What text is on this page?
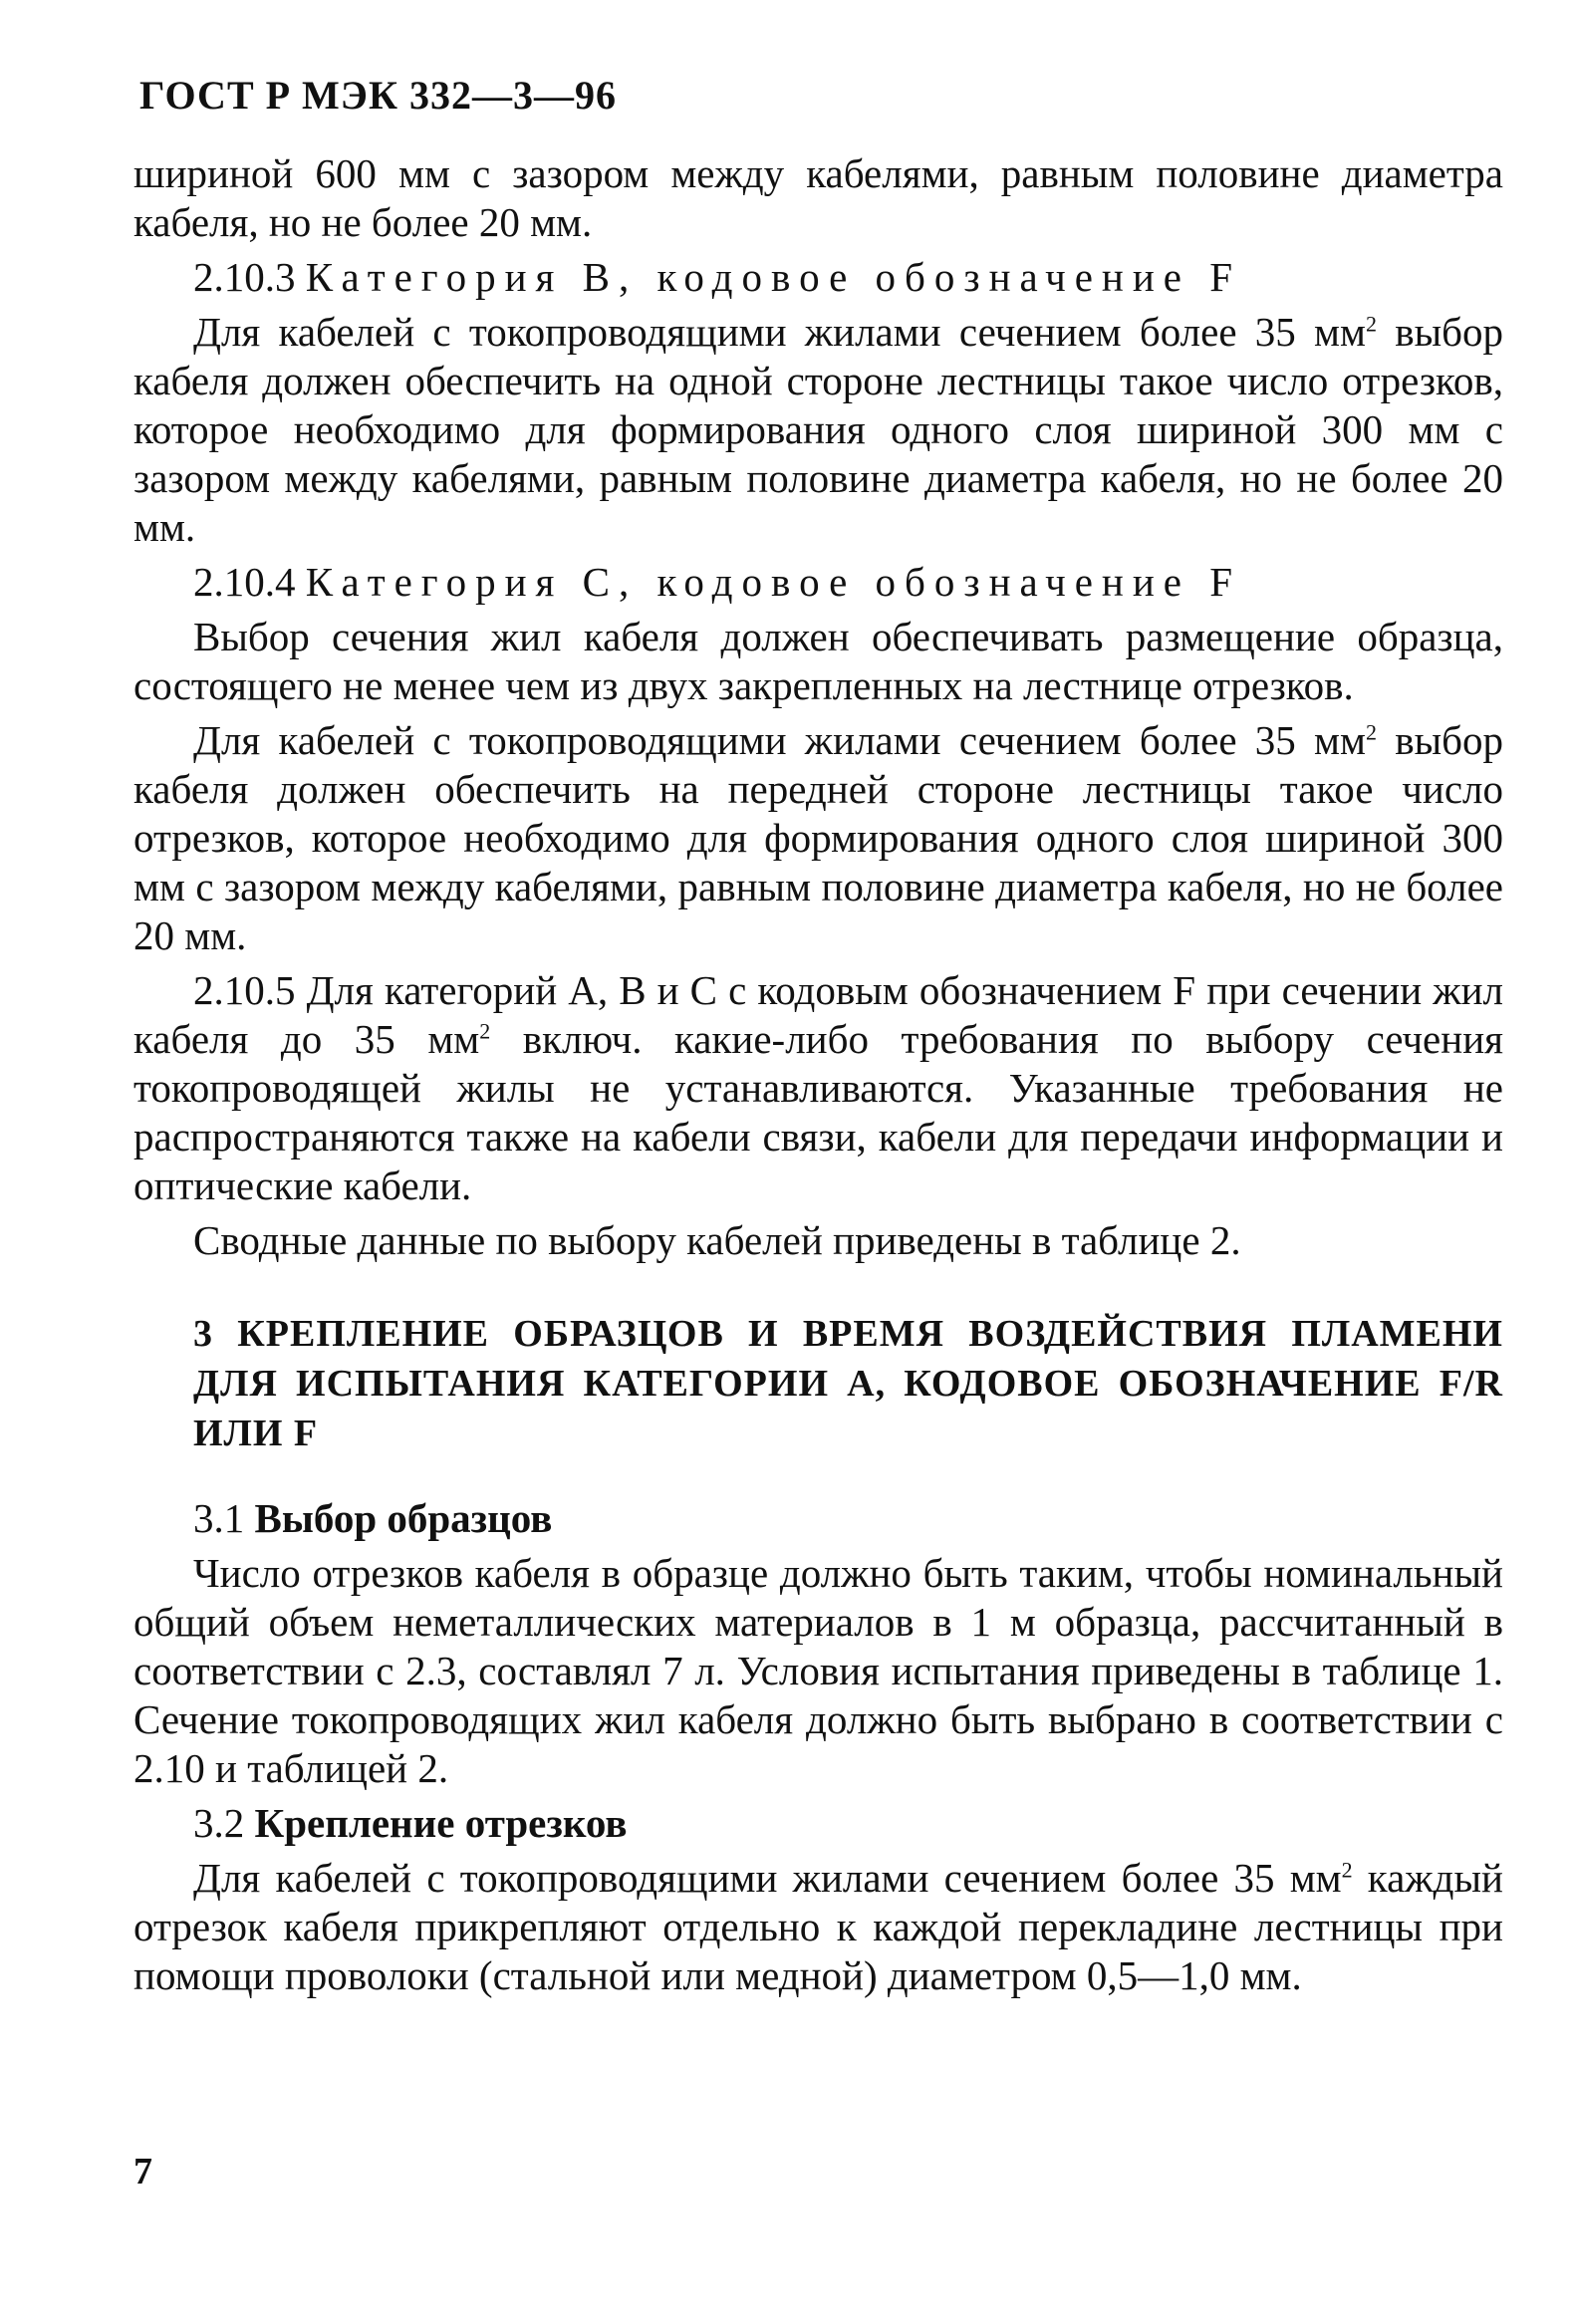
ГОСТ Р МЭК 332—3—96

шириной 600 мм с зазором между кабелями, равным половине диаметра кабеля, но не более 20 мм.

2.10.3 Категория В, кодовое обозначение F

Для кабелей с токопроводящими жилами сечением более 35 $мм^2$ выбор кабеля должен обеспечить на одной стороне лестницы такое число отрезков, которое необходимо для формирования одного слоя шириной 300 мм с зазором между кабелями, равным половине диаметра кабеля, но не более 20 мм.

2.10.4 Категория С, кодовое обозначение F

Выбор сечения жил кабеля должен обеспечивать размещение образца, состоящего не менее чем из двух закрепленных на лестнице отрезков.

Для кабелей с токопроводящими жилами сечением более 35 $мм^2$ выбор кабеля должен обеспечить на передней стороне лестницы такое число отрезков, которое необходимо для формирования одного слоя шириной 300 мм с зазором между кабелями, равным половине диаметра кабеля, но не более 20 мм.

2.10.5 Для категорий А, В и С с кодовым обозначением F при сечении жил кабеля до 35 $мм^2$ включ. какие-либо требования по выбору сечения токопроводящей жилы не устанавливаются. Указанные требования не распространяются также на кабели связи, кабели для передачи информации и оптические кабели.

Сводные данные по выбору кабелей приведены в таблице 2.

3 КРЕПЛЕНИЕ ОБРАЗЦОВ И ВРЕМЯ ВОЗДЕЙСТВИЯ ПЛАМЕНИ ДЛЯ ИСПЫТАНИЯ КАТЕГОРИИ А, КОДОВОЕ ОБОЗНАЧЕНИЕ F/R ИЛИ F

3.1 Выбор образцов

Число отрезков кабеля в образце должно быть таким, чтобы номинальный общий объем неметаллических материалов в 1 м образца, рассчитанный в соответствии с 2.3, составлял 7 л. Условия испытания приведены в таблице 1. Сечение токопроводящих жил кабеля должно быть выбрано в соответствии с 2.10 и таблицей 2.

3.2 Крепление отрезков

Для кабелей с токопроводящими жилами сечением более 35 $мм^2$ каждый отрезок кабеля прикрепляют отдельно к каждой перекладине лестницы при помощи проволоки (стальной или медной) диаметром 0,5—1,0 мм.

7
